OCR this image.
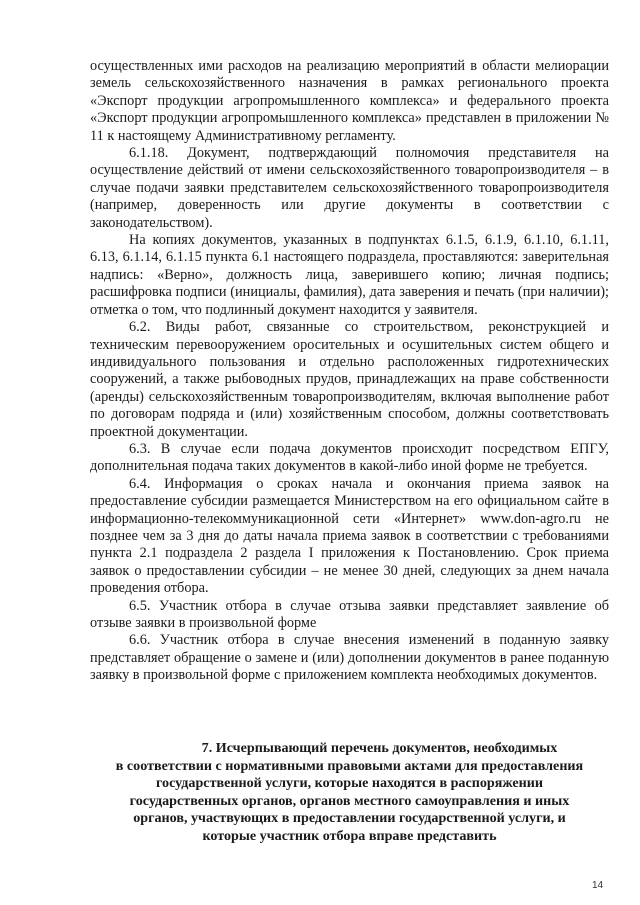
осуществленных ими расходов на реализацию мероприятий в области мелиорации земель сельскохозяйственного назначения в рамках регионального проекта «Экспорт продукции агропромышленного комплекса» и федерального проекта «Экспорт продукции агропромышленного комплекса» представлен в приложении № 11 к настоящему Административному регламенту.

6.1.18. Документ, подтверждающий полномочия представителя на осуществление действий от имени сельскохозяйственного товаропроизводителя – в случае подачи заявки представителем сельскохозяйственного товаропроизводителя (например, доверенность или другие документы в соответствии с законодательством).

На копиях документов, указанных в подпунктах 6.1.5, 6.1.9, 6.1.10, 6.1.11, 6.13, 6.1.14, 6.1.15 пункта 6.1 настоящего подраздела, проставляются: заверительная надпись: «Верно», должность лица, заверившего копию; личная подпись; расшифровка подписи (инициалы, фамилия), дата заверения и печать (при наличии); отметка о том, что подлинный документ находится у заявителя.

6.2. Виды работ, связанные со строительством, реконструкцией и техническим перевооружением оросительных и осушительных систем общего и индивидуального пользования и отдельно расположенных гидротехнических сооружений, а также рыбоводных прудов, принадлежащих на праве собственности (аренды) сельскохозяйственным товаропроизводителям, включая выполнение работ по договорам подряда и (или) хозяйственным способом, должны соответствовать проектной документации.

6.3. В случае если подача документов происходит посредством ЕПГУ, дополнительная подача таких документов в какой-либо иной форме не требуется.

6.4. Информация о сроках начала и окончания приема заявок на предоставление субсидии размещается Министерством на его официальном сайте в информационно-телекоммуникационной сети «Интернет» www.don-agro.ru не позднее чем за 3 дня до даты начала приема заявок в соответствии с требованиями пункта 2.1 подраздела 2 раздела I приложения к Постановлению. Срок приема заявок о предоставлении субсидии – не менее 30 дней, следующих за днем начала проведения отбора.

6.5. Участник отбора в случае отзыва заявки представляет заявление об отзыве заявки в произвольной форме

6.6. Участник отбора в случае внесения изменений в поданную заявку представляет обращение о замене и (или) дополнении документов в ранее поданную заявку в произвольной форме с приложением комплекта необходимых документов.

7. Исчерпывающий перечень документов, необходимых
в соответствии с нормативными правовыми актами для предоставления
государственной услуги, которые находятся в распоряжении
государственных органов, органов местного самоуправления и иных
органов, участвующих в предоставлении государственной услуги, и
которые участник отбора вправе представить
14
